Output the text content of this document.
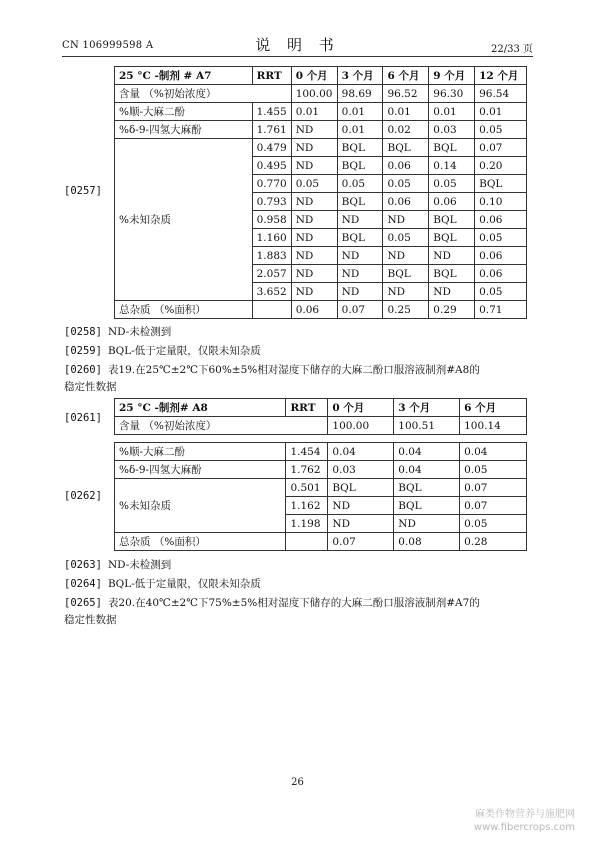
CN 106999598 A	说 明 书	22/33 页
[0257]
25 °C -制剂 # A7	RRT	0 个月	3 个月	6 个月	9 个月	12 个月
含量 （%初始浓度）		100.00	98.69	96.52	96.30	96.54
%顺-大麻二酚	1.455	0.01	0.01	0.01	0.01	0.01
%δ-9-四氢大麻酚	1.761	ND	0.01	0.02	0.03	0.05
%未知杂质	0.479	ND	BQL	BQL	BQL	0.07
	0.495	ND	BQL	0.06	0.14	0.20
	0.770	0.05	0.05	0.05	0.05	BQL
	0.793	ND	BQL	0.06	0.06	0.10
	0.958	ND	ND	ND	BQL	0.06
	1.160	ND	BQL	0.05	BQL	0.05
	1.883	ND	ND	ND	ND	0.06
	2.057	ND	ND	BQL	BQL	0.06
	3.652	ND	ND	ND	ND	0.05
总杂质 （%面积）		0.06	0.07	0.25	0.29	0.71
[0258] ND-未检测到
[0259] BQL-低于定量限，仅限未知杂质
[0260] 表19.在25℃±2℃下60%±5%相对湿度下储存的大麻二酚口服溶液制剂#A8的
稳定性数据
[0261]
[0262]
25 °C -制剂# A8	RRT	0 个月	3 个月	6 个月
含量 （%初始浓度）		100.00	100.51	100.14

%顺-大麻二酚	1.454	0.04	0.04	0.04
%δ-9-四氢大麻酚	1.762	0.03	0.04	0.05
%未知杂质	0.501	BQL	BQL	0.07
	1.162	ND	BQL	0.07
	1.198	ND	ND	0.05
总杂质 （%面积）		0.07	0.08	0.28
[0263] ND-未检测到
[0264] BQL-低于定量限，仅限未知杂质
[0265] 表20.在40℃±2℃下75%±5%相对湿度下储存的大麻二酚口服溶液制剂#A7的
稳定性数据
26
麻类作物营养与施肥网
www.fibercrops.com
